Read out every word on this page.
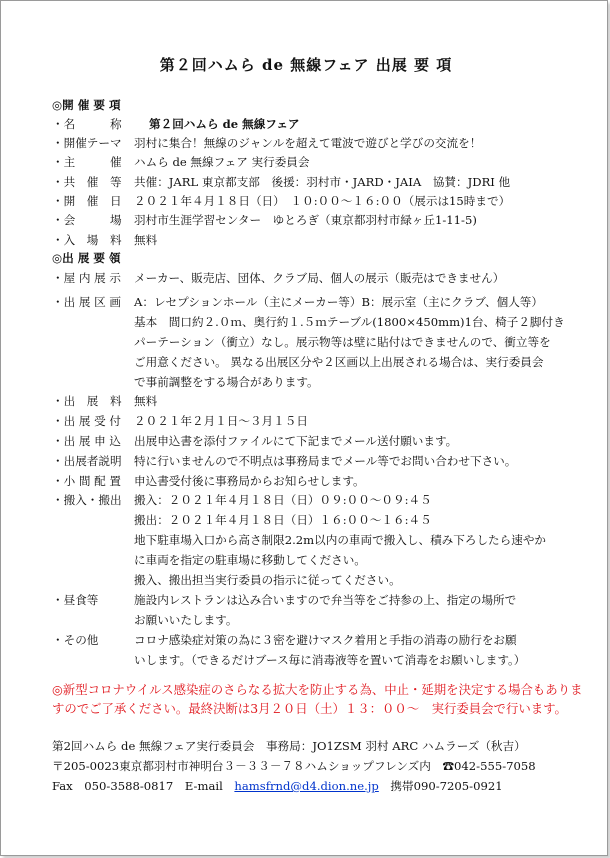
第２回ハムら de 無線フェア 出展 要 項
◎開 催 要 項
・名　　　称 第２回ハムら de 無線フェア
・開催テーマ 羽村に集合！無線のジャンルを超えて電波で遊びと学びの交流を！
・主　　　催 ハムら de 無線フェア 実行委員会
・共　催　等 共催：JARL 東京都支部　後援：羽村市・JARD・JAIA　協賛：JDRI 他
・開　催　日 ２０２１年４月１８日（日）　１０:００～１６:００（展示は15時まで）
・会　　　場 羽村市生涯学習センター　ゆとろぎ（東京都羽村市緑ヶ丘1-11-5)
・入　場　料 無料
◎出 展 要 領
・屋 内 展 示 メーカー、販売店、団体、クラブ局、個人の展示（販売はできません）
・出 展 区 画 A：レセプションホール（主にメーカー等）B：展示室（主にクラブ、個人等）
基本　間口約２.０ｍ、奥行約１.５ｍテーブル(1800×450mm)1台、椅子２脚付き
パーテーション（衝立）なし。展示物等は壁に貼付はできませんので、衝立等を
ご用意ください。 異なる出展区分や２区画以上出展される場合は、実行委員会
で事前調整をする場合があります。
・出　展　料 無料
・出 展 受 付 ２０２１年２月１日～３月１５日
・出 展 申 込 出展申込書を添付ファイルにて下記までメール送付願います。
・出展者説明 特に行いませんので不明点は事務局までメール等でお問い合わせ下さい。
・小 間 配 置 申込書受付後に事務局からお知らせします。
・搬入・搬出 搬入：２０２１年４月１８日（日）０９:００～０９:４５
搬出：２０２１年４月１８日（日）１６:００～１６:４５
地下駐車場入口から高さ制限2.2m以内の車両で搬入し、積み下ろしたら速やか
に車両を指定の駐車場に移動してください。
搬入、搬出担当実行委員の指示に従ってください。
・昼食等	施設内レストランは込み合いますので弁当等をご持参の上、指定の場所で
お願いいたします。
・その他	コロナ感染症対策の為に３密を避けマスク着用と手指の消毒の励行をお願
いします。（できるだけブース毎に消毒液等を置いて消毒をお願いします。）
◎新型コロナウイルス感染症のさらなる拡大を防止する為、中止・延期を決定する場合もありま
すのでご了承ください。最終決断は3月２０日（土）１３：００～　実行委員会で行います。
第2回ハムら de 無線フェア実行委員会　事務局：JO1ZSM 羽村 ARC ハムラーズ（秋吉）
〒205-0023東京都羽村市神明台３－３３－７８ハムショップフレンズ内　☎042-555-7058
Fax　050-3588-0817　E-mail　hamsfrnd@d4.dion.ne.jp　携帯090-7205-0921
